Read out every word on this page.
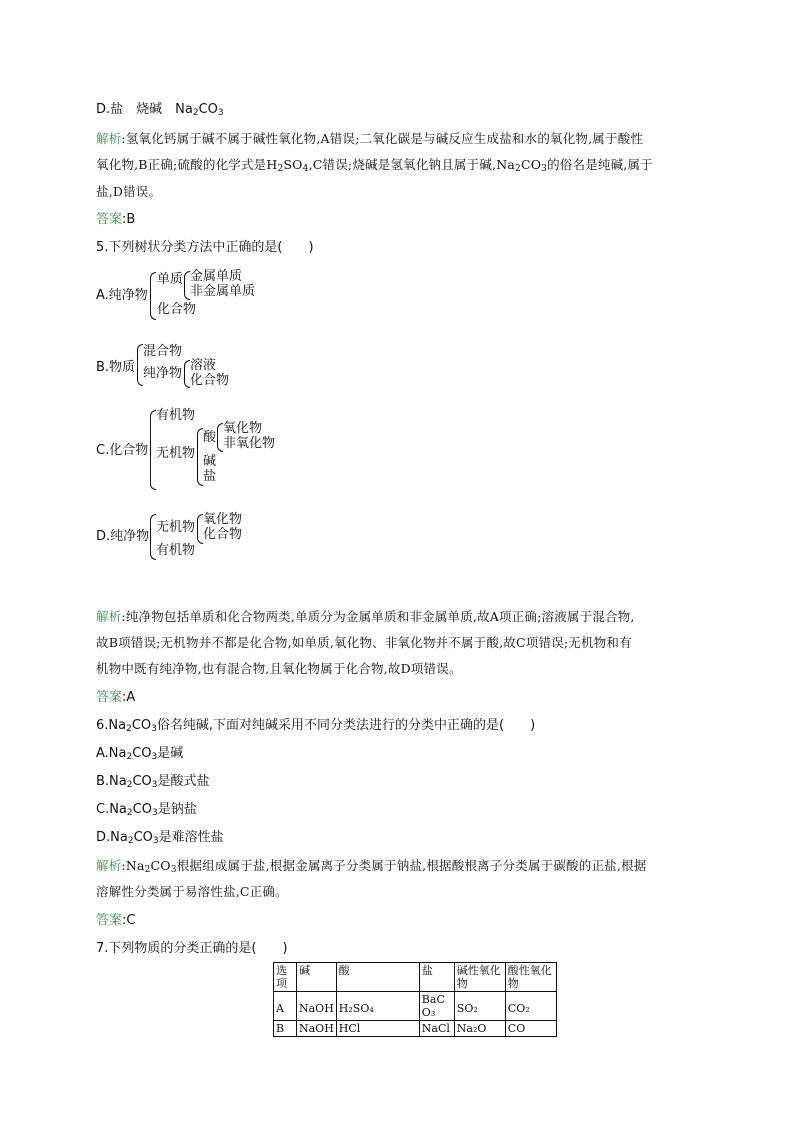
D.盐　烧碱　$Na_2CO_3$
解析:氢氧化钙属于碱不属于碱性氧化物,A错误;二氧化碳是与碱反应生成盐和水的氧化物,属于酸性
氧化物,B正确;硫酸的化学式是$H_2SO_4,C$错误;烧碱是氢氧化钠且属于碱$,Na_2CO_3$的俗名是纯碱,属于
盐,D错误。
答案:B
5.下列树状分类方法中正确的是(　　)
A.纯净物
单质 金属单质
非金属单质
化合物
B.物质
混合物
纯净物
溶液
化合物
C.化合物
有机物
无机物
酸
氧化物
非氧化物
碱
盐
D.纯净物
无机物
氧化物
化合物
有机物
解析:纯净物包括单质和化合物两类,单质分为金属单质和非金属单质,故A项正确;溶液属于混合物,
故B项错误;无机物并不都是化合物,如单质,氧化物、非氧化物并不属于酸,故C项错误;无机物和有
机物中既有纯净物,也有混合物,且氧化物属于化合物,故D项错误。
答案:A
$6.Na_2CO_3$俗名纯碱,下面对纯碱采用不同分类法进行的分类中正确的是(　　)
$A.Na_2CO_3$是碱
$B.Na_2CO_3$是酸式盐
$C.Na_2CO_3$是钠盐
$D.Na_2CO_3$是难溶性盐
解析$:Na_2CO_3$根据组成属于盐,根据金属离子分类属于钠盐,根据酸根离子分类属于碳酸的正盐,根据
溶解性分类属于易溶性盐,C正确。
答案:C
7.下列物质的分类正确的是(　　)
选项	碱	酸	盐	碱性氧化物	酸性氧化物
A	NaOH	H₂SO₄	BaCO₃	SO₂	CO₂
B	NaOH	HCl	NaCl	Na₂O	CO
